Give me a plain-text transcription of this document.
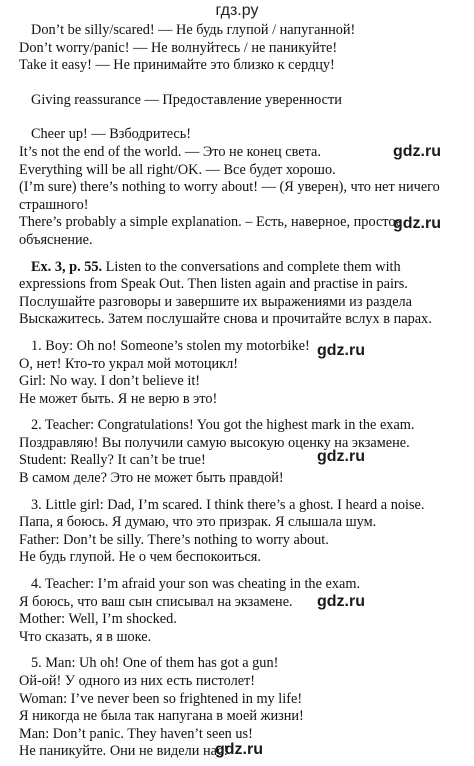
гдз.ру
Don’t be silly/scared! — Не будь глупой / напуганной!
Don’t worry/panic! — Не волнуйтесь / не паникуйте!
Take it easy! — Не принимайте это близко к сердцу!
Giving reassurance — Предоставление уверенности
Cheer up! — Взбодритесь!
It’s not the end of the world. — Это не конец света.
Everything will be all right/OK. — Все будет хорошо.
(I’m sure) there’s nothing to worry about! — (Я уверен), что нет ничего
страшного!
There’s probably a simple explanation. – Есть, наверное, простое
объяснение.
Ex. 3, p. 55. Listen to the conversations and complete them with
expressions from Speak Out. Then listen again and practise in pairs.
Послушайте разговоры и завершите их выражениями из раздела
Выскажитесь. Затем послушайте снова и прочитайте вслух в парах.
1. Boy: Oh no! Someone’s stolen my motorbike!
О, нет! Кто-то украл мой мотоцикл!
Girl: No way. I don’t believe it!
Не может быть. Я не верю в это!
2. Teacher: Congratulations! You got the highest mark in the exam.
Поздравляю! Вы получили самую высокую оценку на экзамене.
Student: Really? It can’t be true!
В самом деле? Это не может быть правдой!
3. Little girl: Dad, I’m scared. I think there’s a ghost. I heard a noise.
Папа, я боюсь. Я думаю, что это призрак. Я слышала шум.
Father: Don’t be silly. There’s nothing to worry about.
Не будь глупой. Не о чем беспокоиться.
4. Teacher: I’m afraid your son was cheating in the exam.
Я боюсь, что ваш сын списывал на экзамене.
Mother: Well, I’m shocked.
Что сказать, я в шоке.
5. Man: Uh oh! One of them has got a gun!
Ой-ой! У одного из них есть пистолет!
Woman: I’ve never been so frightened in my life!
Я никогда не была так напугана в моей жизни!
Man: Don’t panic. They haven’t seen us!
Не паникуйте. Они не видели нас!
gdz.ru
gdz.ru
gdz.ru
gdz.ru
gdz.ru
gdz.ru
